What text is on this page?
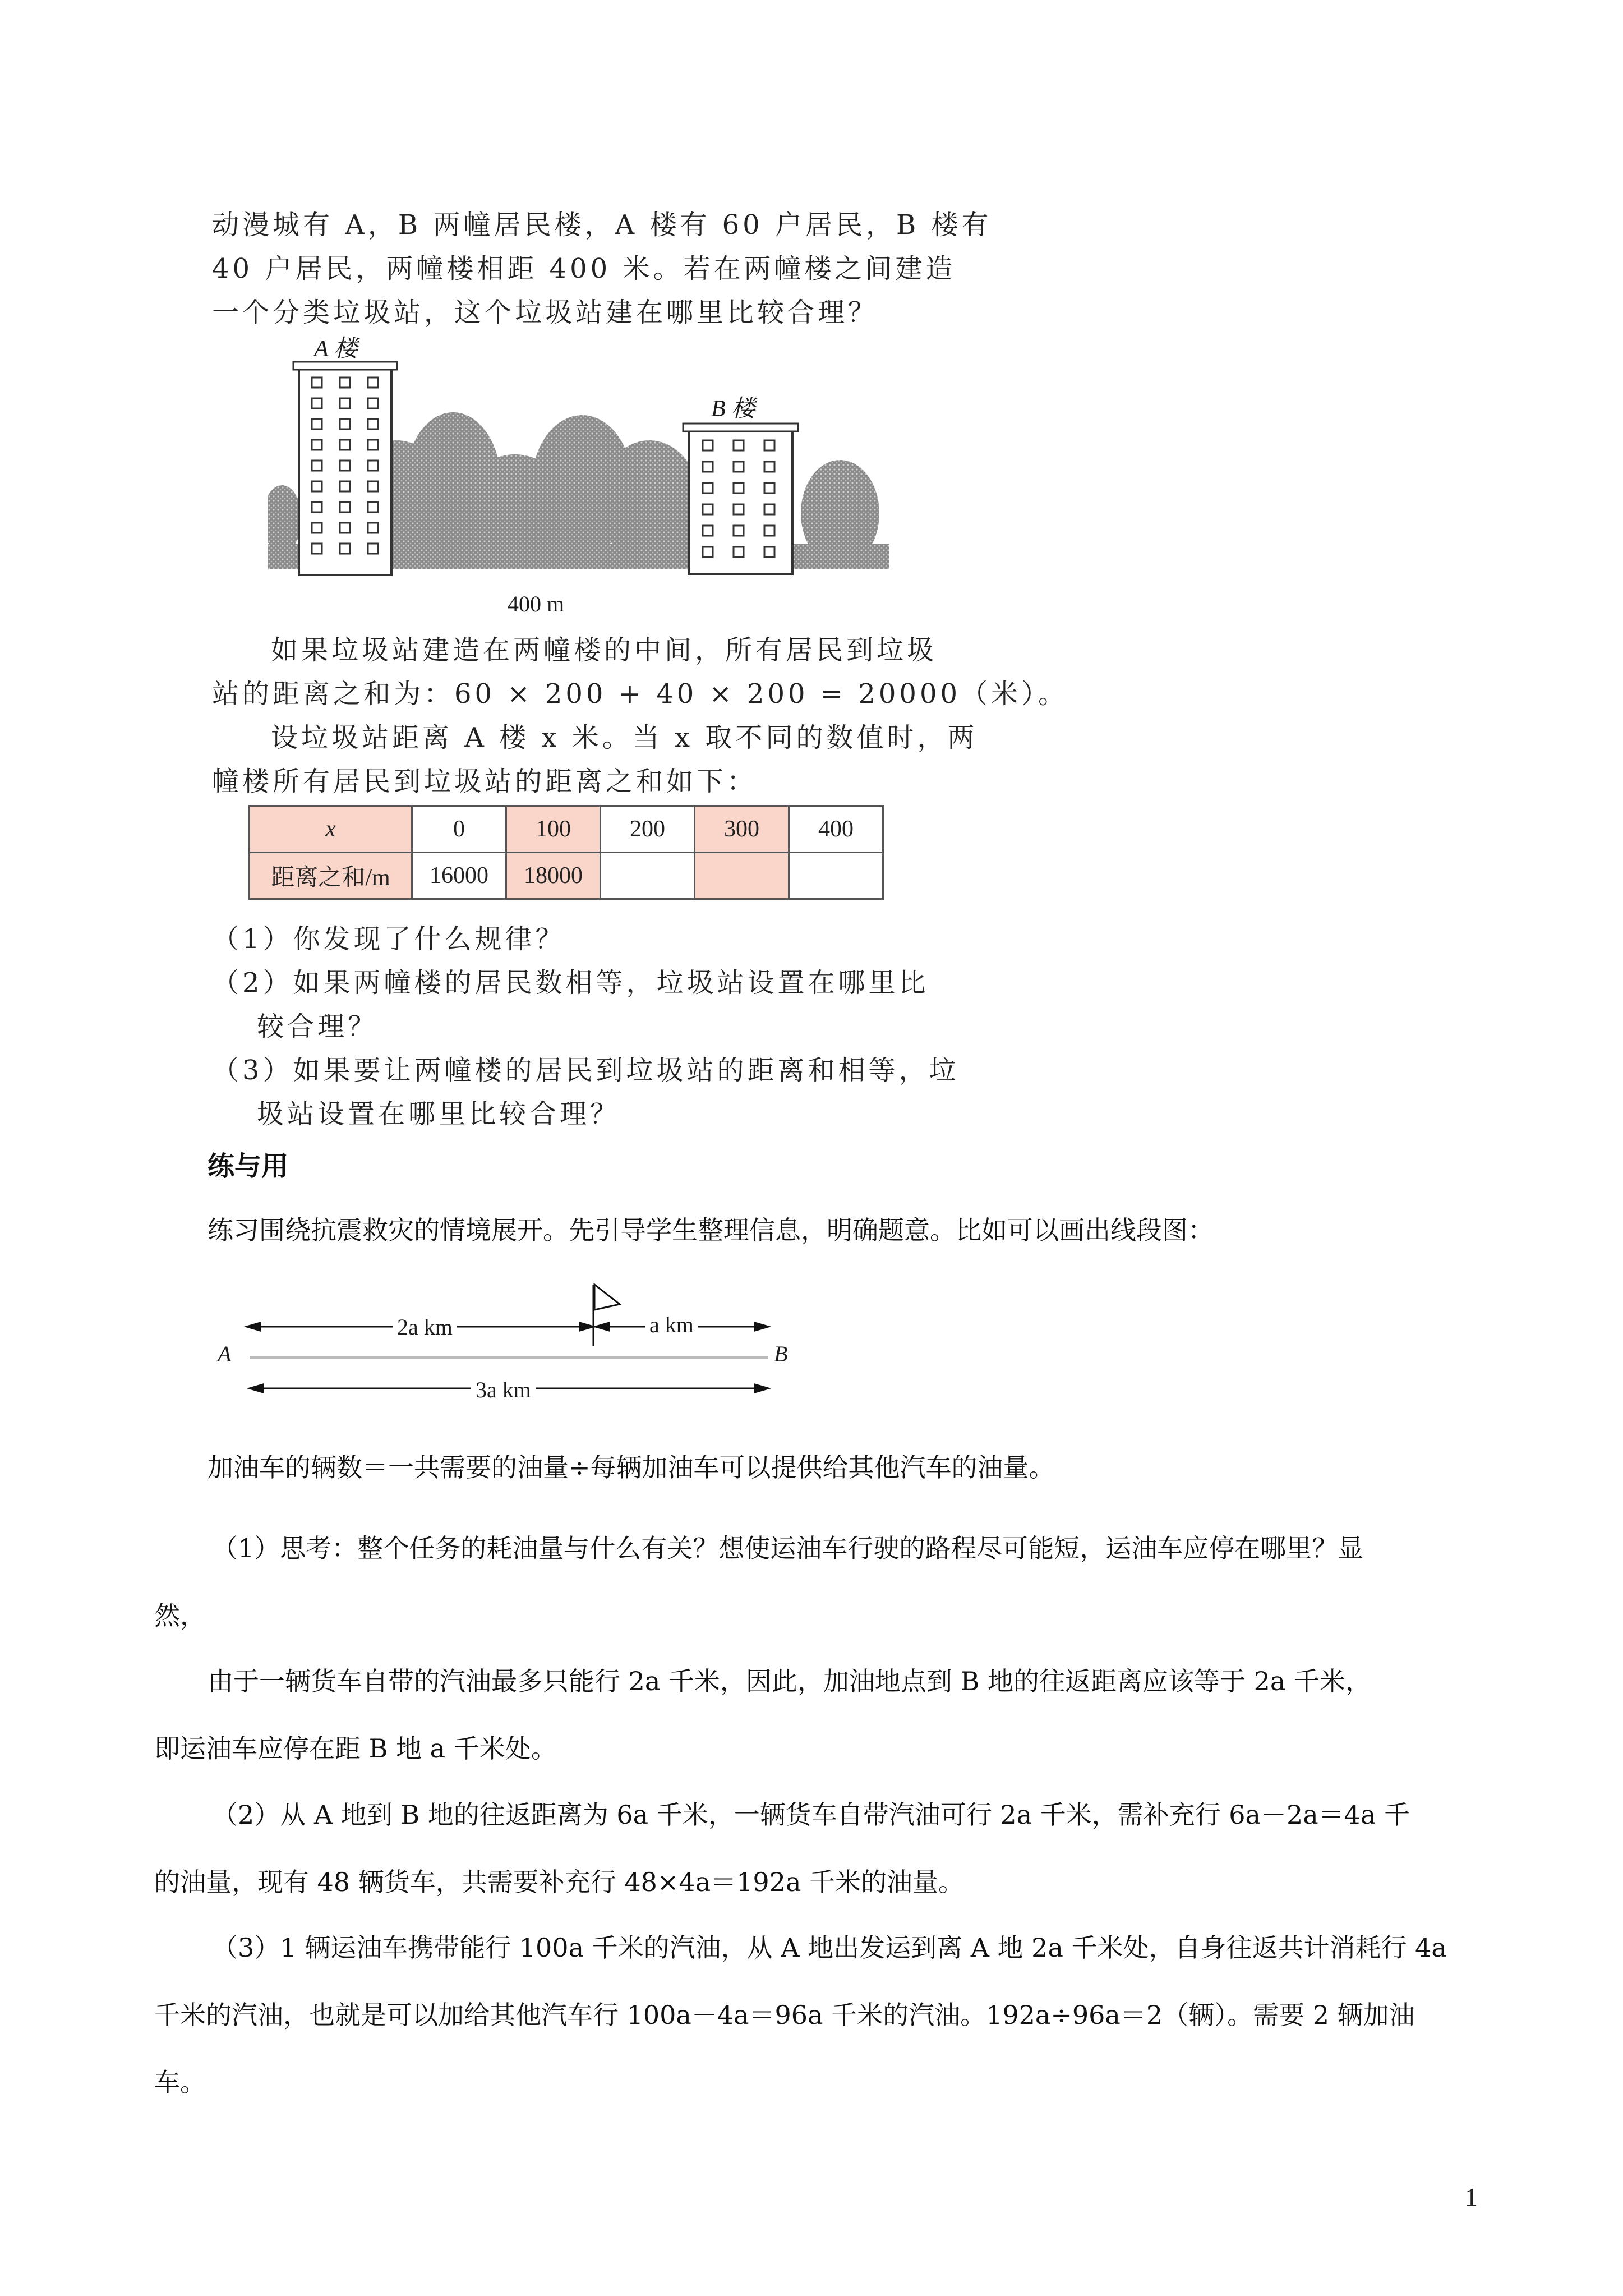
动漫城有 A，B 两幢居民楼，A 楼有 60 户居民，B 楼有
40 户居民，两幢楼相距 400 米。若在两幢楼之间建造
一个分类垃圾站，这个垃圾站建在哪里比较合理？
A 楼
B 楼
400 m
如果垃圾站建造在两幢楼的中间，所有居民到垃圾
站的距离之和为：60 × 200 + 40 × 200 = 20000（米）。
设垃圾站距离 A 楼 x 米。当 x 取不同的数值时，两
幢楼所有居民到垃圾站的距离之和如下：
x	0	100	200	300	400
距离之和/m	16000	18000			
（1）你发现了什么规律？
（2）如果两幢楼的居民数相等，垃圾站设置在哪里比
较合理？
（3）如果要让两幢楼的居民到垃圾站的距离和相等，垃
圾站设置在哪里比较合理？
练与用
练习围绕抗震救灾的情境展开。先引导学生整理信息，明确题意。比如可以画出线段图：
A	B
2a km	a km
3a km
加油车的辆数＝一共需要的油量÷每辆加油车可以提供给其他汽车的油量。
（1）思考：整个任务的耗油量与什么有关？想使运油车行驶的路程尽可能短，运油车应停在哪里？显
然，
由于一辆货车自带的汽油最多只能行 2a 千米，因此，加油地点到 B 地的往返距离应该等于 2a 千米，
即运油车应停在距 B 地 a 千米处。
（2）从 A 地到 B 地的往返距离为 6a 千米，一辆货车自带汽油可行 2a 千米，需补充行 6a－2a＝4a 千
的油量，现有 48 辆货车，共需要补充行 48×4a＝192a 千米的油量。
（3）1 辆运油车携带能行 100a 千米的汽油，从 A 地出发运到离 A 地 2a 千米处，自身往返共计消耗行 4a
千米的汽油，也就是可以加给其他汽车行 100a－4a＝96a 千米的汽油。192a÷96a＝2（辆）。需要 2 辆加油
车。
1
